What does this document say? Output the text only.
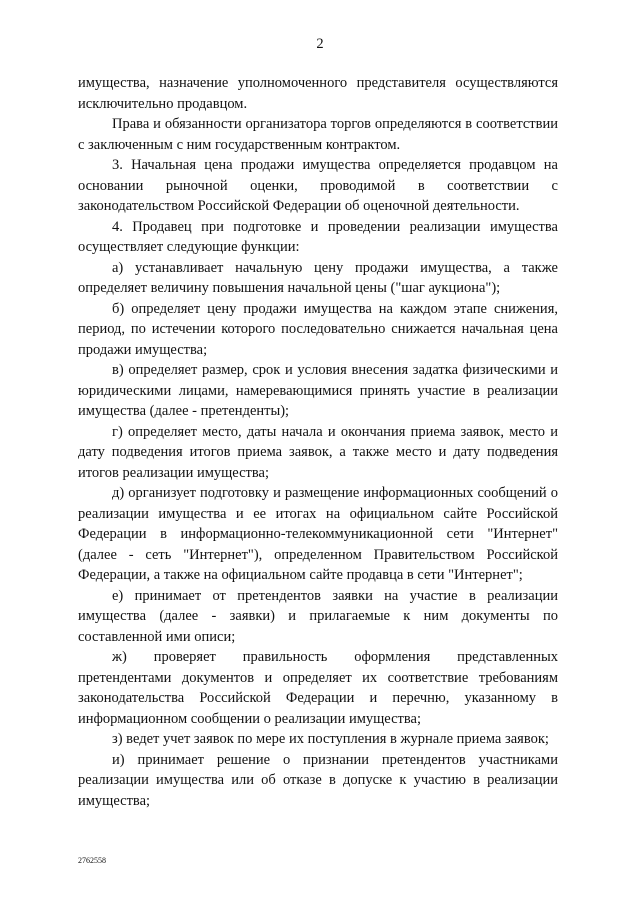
2

имущества, назначение уполномоченного представителя осуществляются исключительно продавцом.

Права и обязанности организатора торгов определяются в соответствии с заключенным с ним государственным контрактом.

3. Начальная цена продажи имущества определяется продавцом на основании рыночной оценки, проводимой в соответствии с законодательством Российской Федерации об оценочной деятельности.

4. Продавец при подготовке и проведении реализации имущества осуществляет следующие функции:

а) устанавливает начальную цену продажи имущества, а также определяет величину повышения начальной цены ("шаг аукциона");

б) определяет цену продажи имущества на каждом этапе снижения, период, по истечении которого последовательно снижается начальная цена продажи имущества;

в) определяет размер, срок и условия внесения задатка физическими и юридическими лицами, намеревающимися принять участие в реализации имущества (далее - претенденты);

г) определяет место, даты начала и окончания приема заявок, место и дату подведения итогов приема заявок, а также место и дату подведения итогов реализации имущества;

д) организует подготовку и размещение информационных сообщений о реализации имущества и ее итогах на официальном сайте Российской Федерации в информационно-телекоммуникационной сети "Интернет" (далее - сеть "Интернет"), определенном Правительством Российской Федерации, а также на официальном сайте продавца в сети "Интернет";

е) принимает от претендентов заявки на участие в реализации имущества (далее - заявки) и прилагаемые к ним документы по составленной ими описи;

ж) проверяет правильность оформления представленных претендентами документов и определяет их соответствие требованиям законодательства Российской Федерации и перечню, указанному в информационном сообщении о реализации имущества;

з) ведет учет заявок по мере их поступления в журнале приема заявок;

и) принимает решение о признании претендентов участниками реализации имущества или об отказе в допуске к участию в реализации имущества;

2762558
